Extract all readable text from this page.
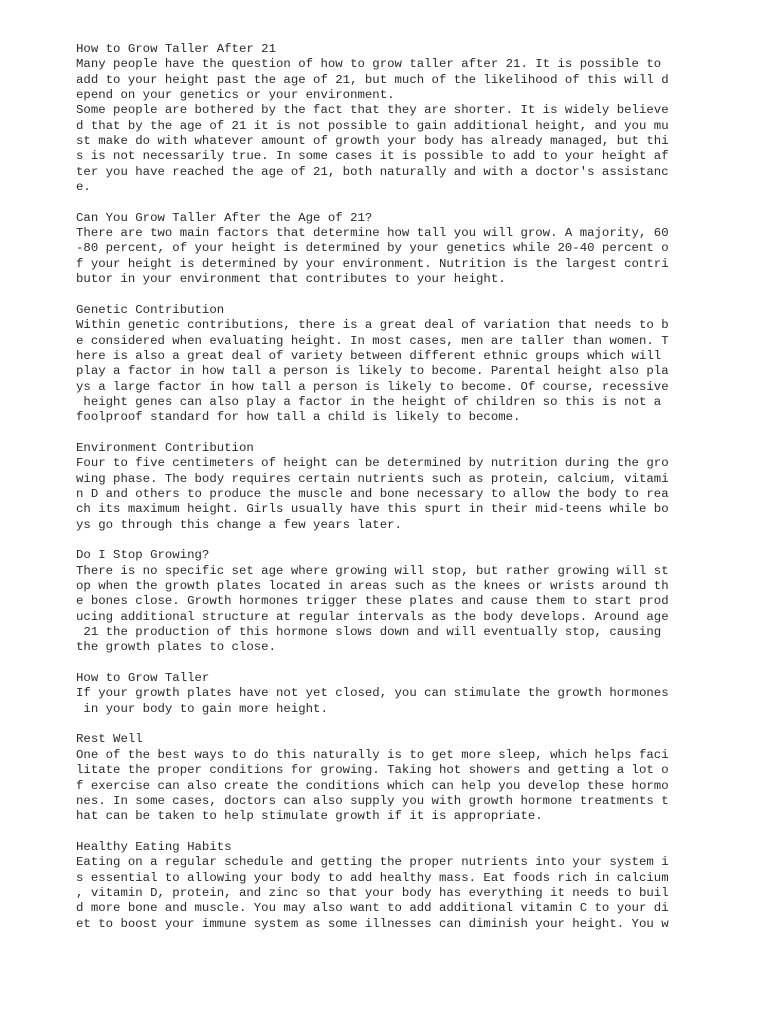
How to Grow Taller After 21
Many people have the question of how to grow taller after 21. It is possible to
add to your height past the age of 21, but much of the likelihood of this will d
epend on your genetics or your environment.
Some people are bothered by the fact that they are shorter. It is widely believe
d that by the age of 21 it is not possible to gain additional height, and you mu
st make do with whatever amount of growth your body has already managed, but thi
s is not necessarily true. In some cases it is possible to add to your height af
ter you have reached the age of 21, both naturally and with a doctor's assistanc
e.
Can You Grow Taller After the Age of 21?
There are two main factors that determine how tall you will grow. A majority, 60
-80 percent, of your height is determined by your genetics while 20-40 percent o
f your height is determined by your environment. Nutrition is the largest contri
butor in your environment that contributes to your height.
Genetic Contribution
Within genetic contributions, there is a great deal of variation that needs to b
e considered when evaluating height. In most cases, men are taller than women. T
here is also a great deal of variety between different ethnic groups which will
play a factor in how tall a person is likely to become. Parental height also pla
ys a large factor in how tall a person is likely to become. Of course, recessive
height genes can also play a factor in the height of children so this is not a
foolproof standard for how tall a child is likely to become.
Environment Contribution
Four to five centimeters of height can be determined by nutrition during the gro
wing phase. The body requires certain nutrients such as protein, calcium, vitami
n D and others to produce the muscle and bone necessary to allow the body to rea
ch its maximum height. Girls usually have this spurt in their mid-teens while bo
ys go through this change a few years later.
Do I Stop Growing?
There is no specific set age where growing will stop, but rather growing will st
op when the growth plates located in areas such as the knees or wrists around th
e bones close. Growth hormones trigger these plates and cause them to start prod
ucing additional structure at regular intervals as the body develops. Around age
21 the production of this hormone slows down and will eventually stop, causing
the growth plates to close.
How to Grow Taller
If your growth plates have not yet closed, you can stimulate the growth hormones
in your body to gain more height.
Rest Well
One of the best ways to do this naturally is to get more sleep, which helps faci
litate the proper conditions for growing. Taking hot showers and getting a lot o
f exercise can also create the conditions which can help you develop these hormo
nes. In some cases, doctors can also supply you with growth hormone treatments t
hat can be taken to help stimulate growth if it is appropriate.
Healthy Eating Habits
Eating on a regular schedule and getting the proper nutrients into your system i
s essential to allowing your body to add healthy mass. Eat foods rich in calcium
, vitamin D, protein, and zinc so that your body has everything it needs to buil
d more bone and muscle. You may also want to add additional vitamin C to your di
et to boost your immune system as some illnesses can diminish your height. You w
